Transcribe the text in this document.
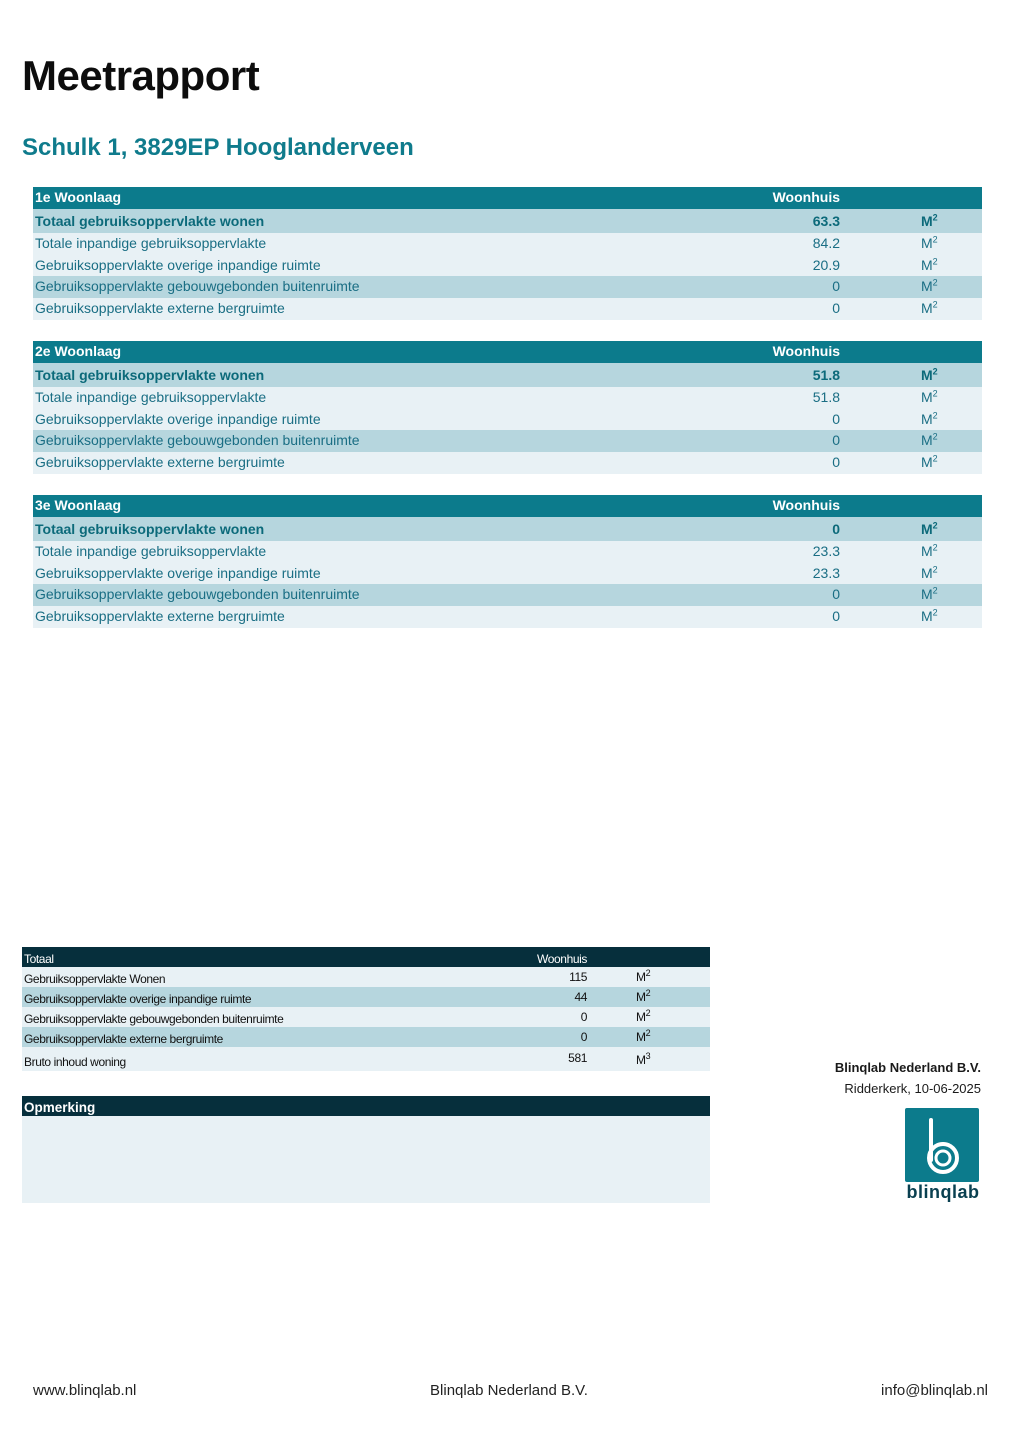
Meetrapport
Schulk 1, 3829EP Hooglanderveen
1e Woonlaag	Woonhuis
Totaal gebruiksoppervlakte wonen	63.3	$M^2$
Totale inpandige gebruiksoppervlakte	84.2	$M^2$
Gebruiksoppervlakte overige inpandige ruimte	20.9	$M^2$
Gebruiksoppervlakte gebouwgebonden buitenruimte	0	$M^2$
Gebruiksoppervlakte externe bergruimte	0	$M^2$
2e Woonlaag	Woonhuis
Totaal gebruiksoppervlakte wonen	51.8	$M^2$
Totale inpandige gebruiksoppervlakte	51.8	$M^2$
Gebruiksoppervlakte overige inpandige ruimte	0	$M^2$
Gebruiksoppervlakte gebouwgebonden buitenruimte	0	$M^2$
Gebruiksoppervlakte externe bergruimte	0	$M^2$
3e Woonlaag	Woonhuis
Totaal gebruiksoppervlakte wonen	0	$M^2$
Totale inpandige gebruiksoppervlakte	23.3	$M^2$
Gebruiksoppervlakte overige inpandige ruimte	23.3	$M^2$
Gebruiksoppervlakte gebouwgebonden buitenruimte	0	$M^2$
Gebruiksoppervlakte externe bergruimte	0	$M^2$
Totaal	Woonhuis
Gebruiksoppervlakte Wonen	115	$M^2$
Gebruiksoppervlakte overige inpandige ruimte	44	$M^2$
Gebruiksoppervlakte gebouwgebonden buitenruimte	0	$M^2$
Gebruiksoppervlakte externe bergruimte	0	$M^2$
Bruto inhoud woning	581	$M^3$
Opmerking
Blinqlab Nederland B.V.
Ridderkerk, 10-06-2025
blinqlab
www.blinqlab.nl	Blinqlab Nederland B.V.	info@blinqlab.nl
